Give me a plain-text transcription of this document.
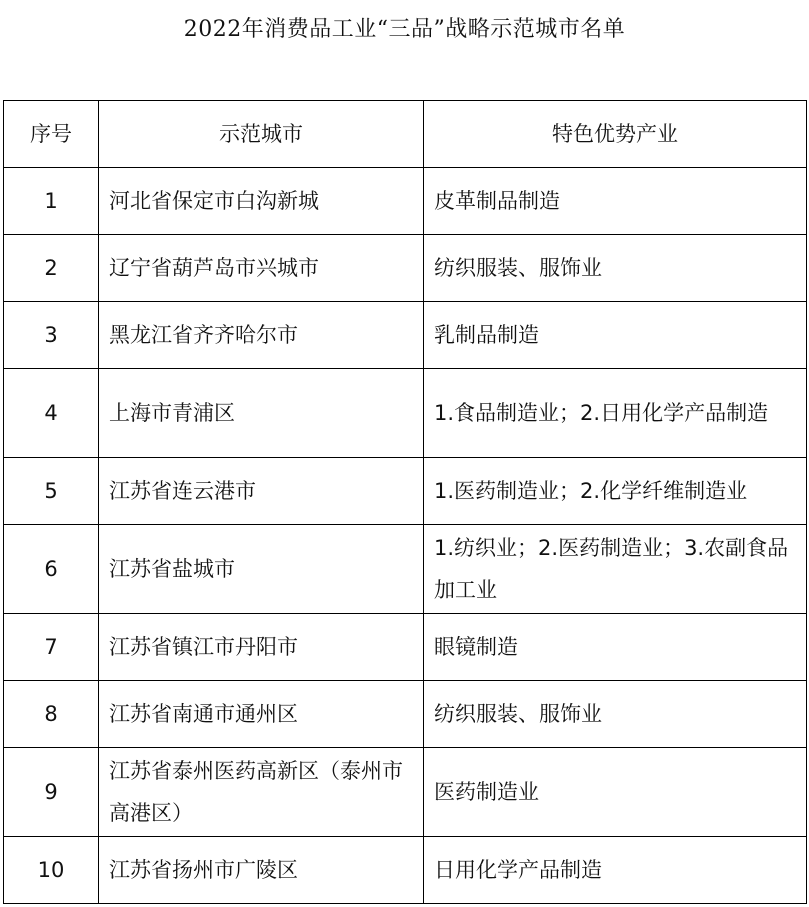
2022年消费品工业“三品”战略示范城市名单
序号	示范城市	特色优势产业
1	河北省保定市白沟新城	皮革制品制造
2	辽宁省葫芦岛市兴城市	纺织服装、服饰业
3	黑龙江省齐齐哈尔市	乳制品制造
4	上海市青浦区	1.食品制造业；2.日用化学产品制造
5	江苏省连云港市	1.医药制造业；2.化学纤维制造业
6	江苏省盐城市	1.纺织业；2.医药制造业；3.农副食品加工业
7	江苏省镇江市丹阳市	眼镜制造
8	江苏省南通市通州区	纺织服装、服饰业
9	江苏省泰州医药高新区（泰州市高港区）	医药制造业
10	江苏省扬州市广陵区	日用化学产品制造
